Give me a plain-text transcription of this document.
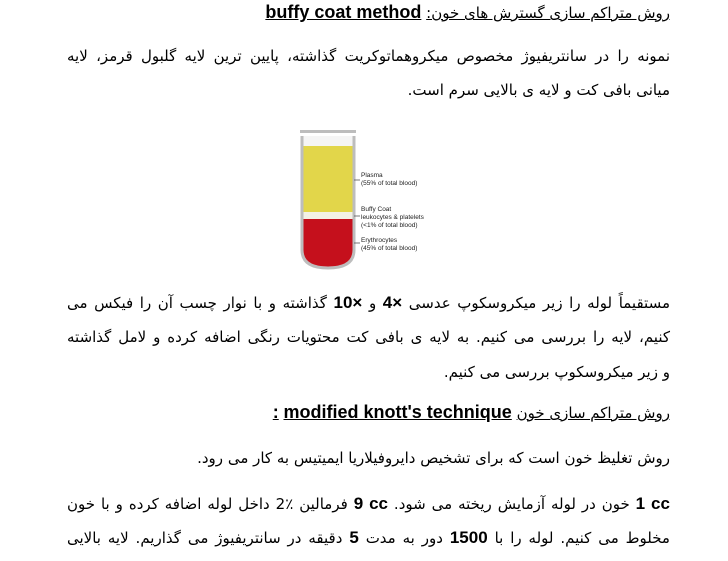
روش متراکم سازی گسترش های خون: buffy coat method
نمونه را در سانتریفیوژ مخصوص میکروهماتوکریت گذاشته، پایین ترین لایه گلبول قرمز، لایه
میانی بافی کت و لایه ی بالایی سرم است.
Plasma
(55% of total blood)
Buffy Coat
leukocytes & platelets
(<1% of total blood)
Erythrocytes
(45% of total blood)
مستقیماً لوله را زیر میکروسکوپ عدسی 4× و 10× گذاشته و با نوار چسب آن را فیکس می
کنیم، لایه را بررسی می کنیم. به لایه ی بافی کت محتویات رنگی اضافه کرده و لامل گذاشته
و زیر میکروسکوپ بررسی می کنیم.
روش متراکم سازی خون modified knott's technique :
روش تغلیظ خون است که برای تشخیص دایروفیلاریا ایمیتیس به کار می رود.
1 cc خون در لوله آزمایش ریخته می شود. 9 cc فرمالین ٪2 داخل لوله اضافه کرده و با خون
مخلوط می کنیم. لوله را با 1500 دور به مدت 5 دقیقه در سانتریفیوژ می گذاریم. لایه بالایی
